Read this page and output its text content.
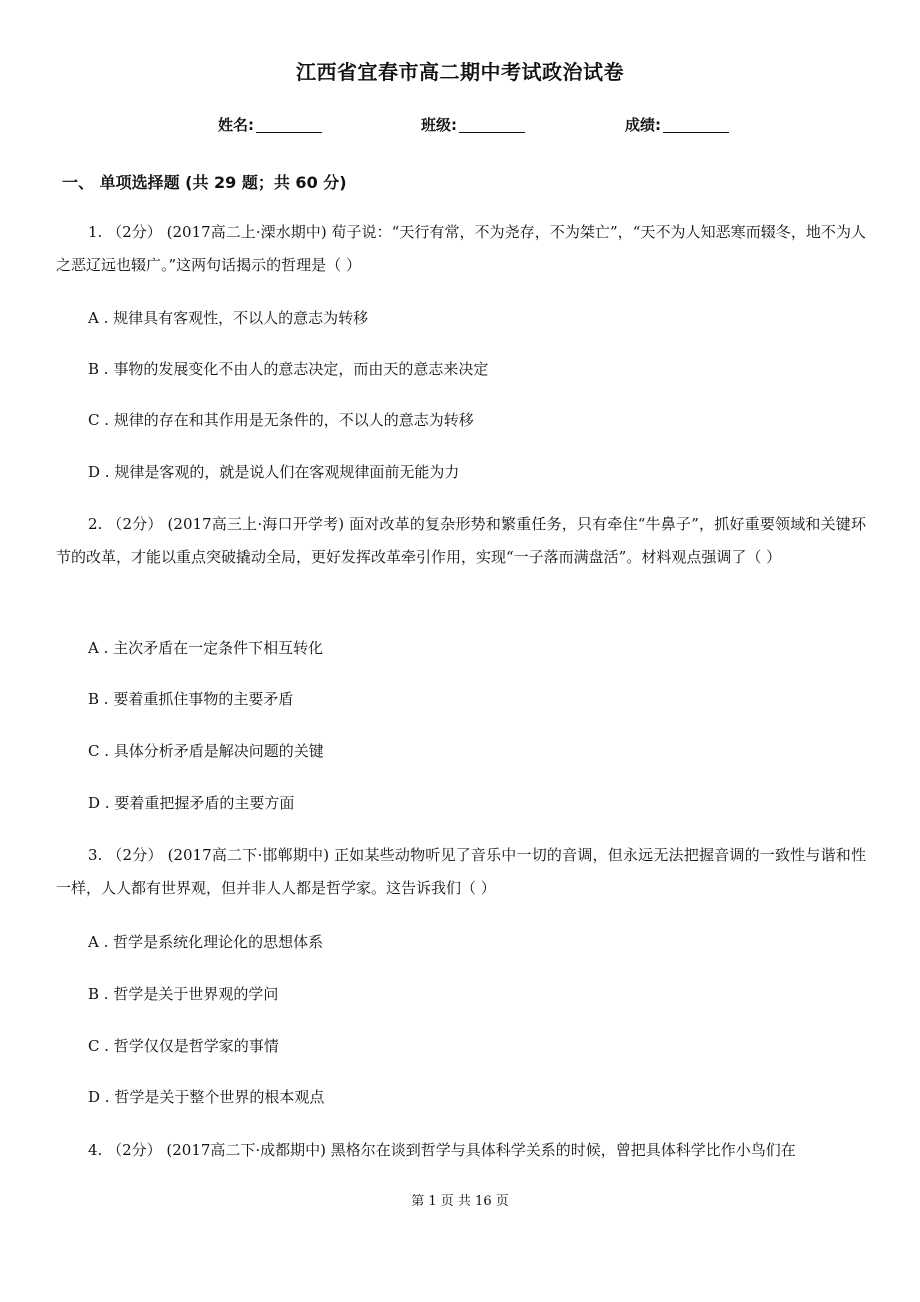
江西省宜春市高二期中考试政治试卷
姓名:	班级:	成绩:
一、 单项选择题 (共 29 题；共 60 分)
1. （2分） (2017高二上·溧水期中) 荀子说：“天行有常，不为尧存，不为桀亡”，“天不为人知恶寒而辍冬，地不为人之恶辽远也辍广。”这两句话揭示的哲理是（ ）
A . 规律具有客观性，不以人的意志为转移
B . 事物的发展变化不由人的意志决定，而由天的意志来决定
C . 规律的存在和其作用是无条件的，不以人的意志为转移
D . 规律是客观的，就是说人们在客观规律面前无能为力
2. （2分） (2017高三上·海口开学考) 面对改革的复杂形势和繁重任务，只有牵住“牛鼻子”，抓好重要领域和关键环节的改革，才能以重点突破撬动全局，更好发挥改革牵引作用，实现“一子落而满盘活”。材料观点强调了（ ）
A . 主次矛盾在一定条件下相互转化
B . 要着重抓住事物的主要矛盾
C . 具体分析矛盾是解决问题的关键
D . 要着重把握矛盾的主要方面
3. （2分） (2017高二下·邯郸期中) 正如某些动物听见了音乐中一切的音调，但永远无法把握音调的一致性与谐和性一样，人人都有世界观，但并非人人都是哲学家。这告诉我们（ ）
A . 哲学是系统化理论化的思想体系
B . 哲学是关于世界观的学问
C . 哲学仅仅是哲学家的事情
D . 哲学是关于整个世界的根本观点
4. （2分） (2017高二下·成都期中) 黑格尔在谈到哲学与具体科学关系的时候，曾把具体科学比作小鸟们在
第 1 页 共 16 页
